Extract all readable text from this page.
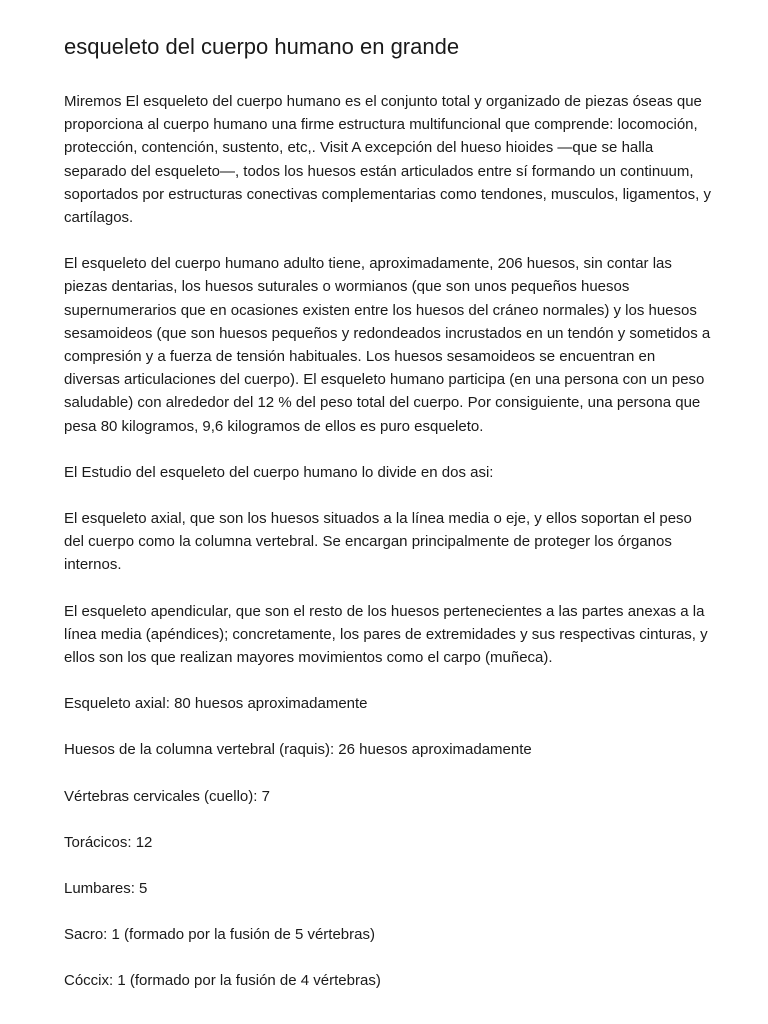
esqueleto del cuerpo humano en grande

Miremos El esqueleto del cuerpo humano es el conjunto total y organizado de piezas óseas que proporciona al cuerpo humano una firme estructura multifuncional que comprende: locomoción, protección, contención, sustento, etc,. Visit A excepción del hueso hioides —que se halla separado del esqueleto—, todos los huesos están articulados entre sí formando un continuum, soportados por estructuras conectivas complementarias como tendones, musculos, ligamentos, y cartílagos.

El esqueleto del cuerpo humano adulto tiene, aproximadamente, 206 huesos, sin contar las piezas dentarias, los huesos suturales o wormianos (que son unos pequeños huesos supernumerarios que en ocasiones existen entre los huesos del cráneo normales) y los huesos sesamoideos (que son huesos pequeños y redondeados incrustados en un tendón y sometidos a compresión y a fuerza de tensión habituales. Los huesos sesamoideos se encuentran en diversas articulaciones del cuerpo). El esqueleto humano participa (en una persona con un peso saludable) con alrededor del 12 % del peso total del cuerpo. Por consiguiente, una persona que pesa 80 kilogramos, 9,6 kilogramos de ellos es puro esqueleto.

El Estudio del esqueleto del cuerpo humano lo divide en dos asi:

El esqueleto axial, que son los huesos situados a la línea media o eje, y ellos soportan el peso del cuerpo como la columna vertebral. Se encargan principalmente de proteger los órganos internos.

El esqueleto apendicular, que son el resto de los huesos pertenecientes a las partes anexas a la línea media (apéndices); concretamente, los pares de extremidades y sus respectivas cinturas, y ellos son los que realizan mayores movimientos como el carpo (muñeca).

Esqueleto axial: 80 huesos aproximadamente

Huesos de la columna vertebral (raquis): 26 huesos aproximadamente

Vértebras cervicales (cuello): 7

Torácicos: 12

Lumbares: 5

Sacro: 1 (formado por la fusión de 5 vértebras)

Cóccix: 1 (formado por la fusión de 4 vértebras)
